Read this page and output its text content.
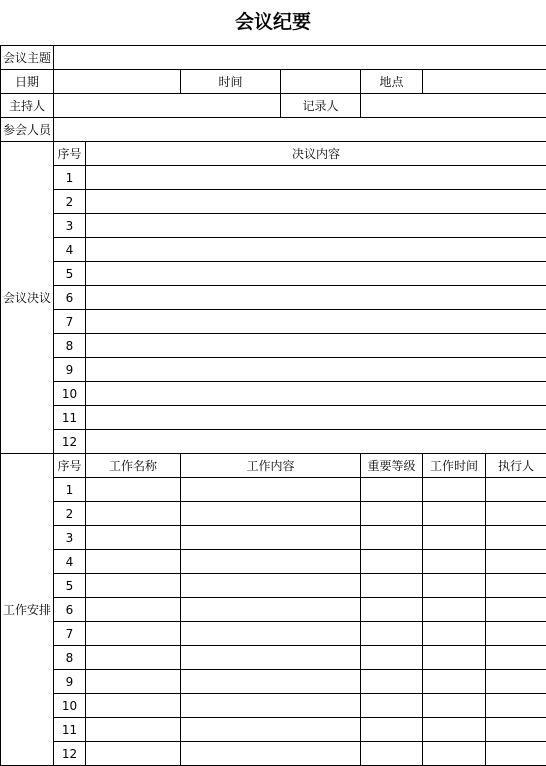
会议纪要
会议主题							
日期			时间		地点		
主持人				记录人			
参会人员							
会议决议	序号	决议内容					
	1						
	2						
	3						
	4						
	5						
	6						
	7						
	8						
	9						
	10						
	11						
	12						
工作安排	序号	工作名称	工作内容		重要等级	工作时间	执行人
	1						
	2						
	3						
	4						
	5						
	6						
	7						
	8						
	9						
	10						
	11						
	12						
